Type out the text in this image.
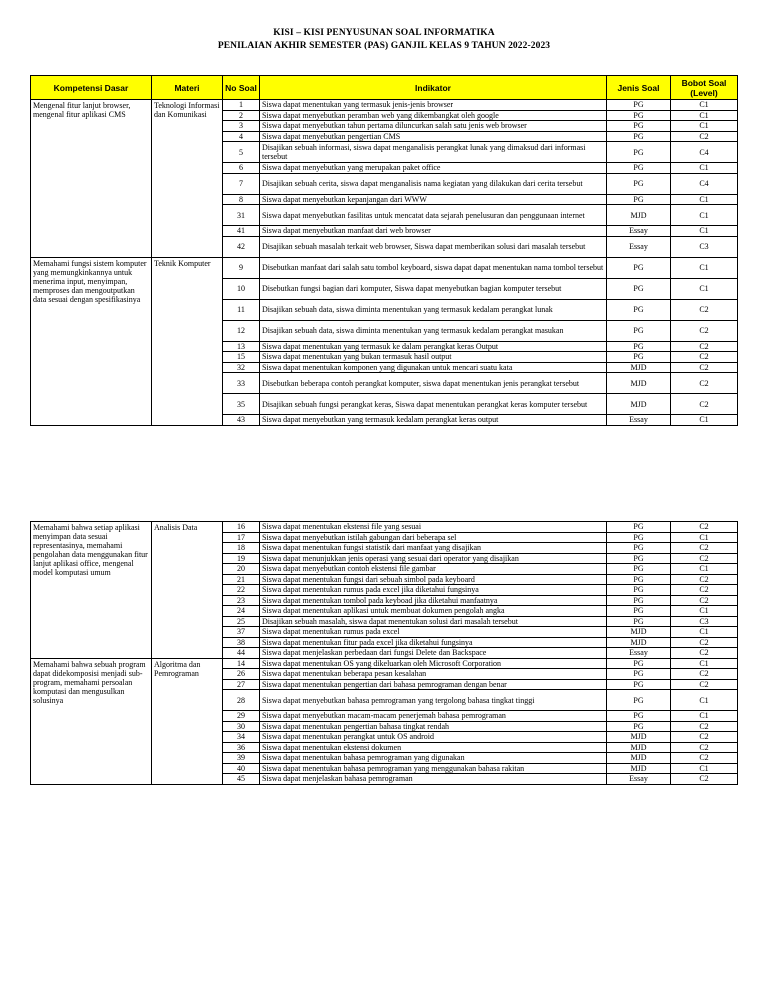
KISI – KISI PENYUSUNAN SOAL INFORMATIKA
PENILAIAN AKHIR SEMESTER (PAS) GANJIL KELAS 9 TAHUN 2022-2023
Kompetensi Dasar	Materi	No Soal	Indikator	Jenis Soal	Bobot Soal (Level)
Mengenal fitur lanjut browser, mengenal fitur aplikasi CMS	Teknologi Informasi dan Komunikasi	1	Siswa dapat menentukan yang termasuk jenis-jenis browser	PG	C1
		2	Siswa dapat menyebutkan peramban web yang dikembangkat oleh google	PG	C1
		3	Siswa dapat menyebutkan tahun pertama diluncurkan salah satu jenis web browser	PG	C1
		4	Siswa dapat menyebutkan pengertian CMS	PG	C2
		5	Disajikan sebuah informasi, siswa dapat menganalisis perangkat lunak yang dimaksud dari informasi tersebut	PG	C4
		6	Siswa dapat menyebutkan yang merupakan paket office	PG	C1
		7	Disajikan sebuah cerita, siswa dapat menganalisis nama kegiatan yang dilakukan dari cerita tersebut	PG	C4
		8	Siswa dapat menyebutkan kepanjangan dari WWW	PG	C1
		31	Siswa dapat menyebutkan fasilitas untuk mencatat data sejarah penelusuran dan penggunaan internet	MJD	C1
		41	Siswa dapat menyebutkan manfaat dari web browser	Essay	C1
		42	Disajikan sebuah masalah terkait web browser, Siswa dapat memberikan solusi dari masalah tersebut	Essay	C3
Memahami fungsi sistem komputer yang memungkinkannya untuk menerima input, menyimpan, memproses dan mengoutputkan data sesuai dengan spesifikasinya	Teknik Komputer	9	Disebutkan manfaat dari salah satu tombol keyboard, siswa dapat dapat menentukan nama tombol tersebut	PG	C1
		10	Disebutkan fungsi bagian dari komputer, Siswa dapat menyebutkan bagian komputer tersebut	PG	C1
		11	Disajikan sebuah data, siswa diminta menentukan yang termasuk kedalam perangkat lunak	PG	C2
		12	Disajikan sebuah data, siswa diminta menentukan yang termasuk kedalam perangkat masukan	PG	C2
		13	Siswa dapat menentukan yang termasuk ke dalam perangkat keras Output	PG	C2
		15	Siswa dapat menentukan yang bukan termasuk hasil output	PG	C2
		32	Siswa dapat menentukan komponen yang digunakan untuk mencari suatu kata	MJD	C2
		33	Disebutkan beberapa contoh perangkat komputer, siswa dapat menentukan jenis perangkat tersebut	MJD	C2
		35	Disajikan sebuah fungsi perangkat keras, Siswa dapat menentukan perangkat keras komputer tersebut	MJD	C2
		43	Siswa dapat menyebutkan yang termasuk kedalam perangkat keras output	Essay	C1
Memahami bahwa setiap aplikasi menyimpan data sesuai representasinya, memahami pengolahan data menggunakan fitur lanjut aplikasi office, mengenal model komputasi umum	Analisis Data	16	Siswa dapat menentukan ekstensi file yang sesuai	PG	C2
		17	Siswa dapat menyebutkan istilah gabungan dari beberapa sel	PG	C1
		18	Siswa dapat menentukan fungsi statistik dari manfaat yang disajikan	PG	C2
		19	Siswa dapat menunjukkan jenis operasi yang sesuai dari operator yang disajikan	PG	C2
		20	Siswa dapat menyebutkan contoh ekstensi file gambar	PG	C1
		21	Siswa dapat menentukan fungsi dari sebuah simbol pada keyboard	PG	C2
		22	Siswa dapat menentukan rumus pada excel jika diketahui fungsinya	PG	C2
		23	Siswa dapat menentukan tombol pada keyboad jika diketahui manfaatnya	PG	C2
		24	Siswa dapat menentukan aplikasi untuk membuat dokumen pengolah angka	PG	C1
		25	Disajikan sebuah masalah, siswa dapat menentukan solusi dari masalah tersebut	PG	C3
		37	Siswa dapat menentukan rumus pada excel	MJD	C1
		38	Siswa dapat menentukan fitur pada excel jika diketahui fungsinya	MJD	C2
		44	Siswa dapat menjelaskan perbedaan dari fungsi Delete dan Backspace	Essay	C2
Memahami bahwa sebuah program dapat didekomposisi menjadi sub-program, memahami persoalan komputasi dan mengusulkan solusinya	Algoritma dan Pemrograman	14	Siswa dapat menentukan OS yang dikeluarkan oleh Microsoft Corporation	PG	C1
		26	Siswa dapat menentukan beberapa pesan kesalahan	PG	C2
		27	Siswa dapat menentukan pengertian dari bahasa pemrograman dengan benar	PG	C2
		28	Siswa dapat menyebutkan bahasa pemrograman yang tergolong bahasa tingkat tinggi	PG	C1
		29	Siswa dapat menyebutkan macam-macam penerjemah bahasa pemrograman	PG	C1
		30	Siswa dapat menentukan pengertian bahasa tingkat rendah	PG	C2
		34	Siswa dapat menentukan perangkat untuk OS android	MJD	C2
		36	Siswa dapat menentukan ekstensi dokumen	MJD	C2
		39	Siswa dapat menentukan bahasa pemrograman yang digunakan	MJD	C2
		40	Siswa dapat menentukan bahasa pemrograman yang menggunakan bahasa rakitan	MJD	C1
		45	Siswa dapat menjelaskan bahasa pemrograman	Essay	C2
